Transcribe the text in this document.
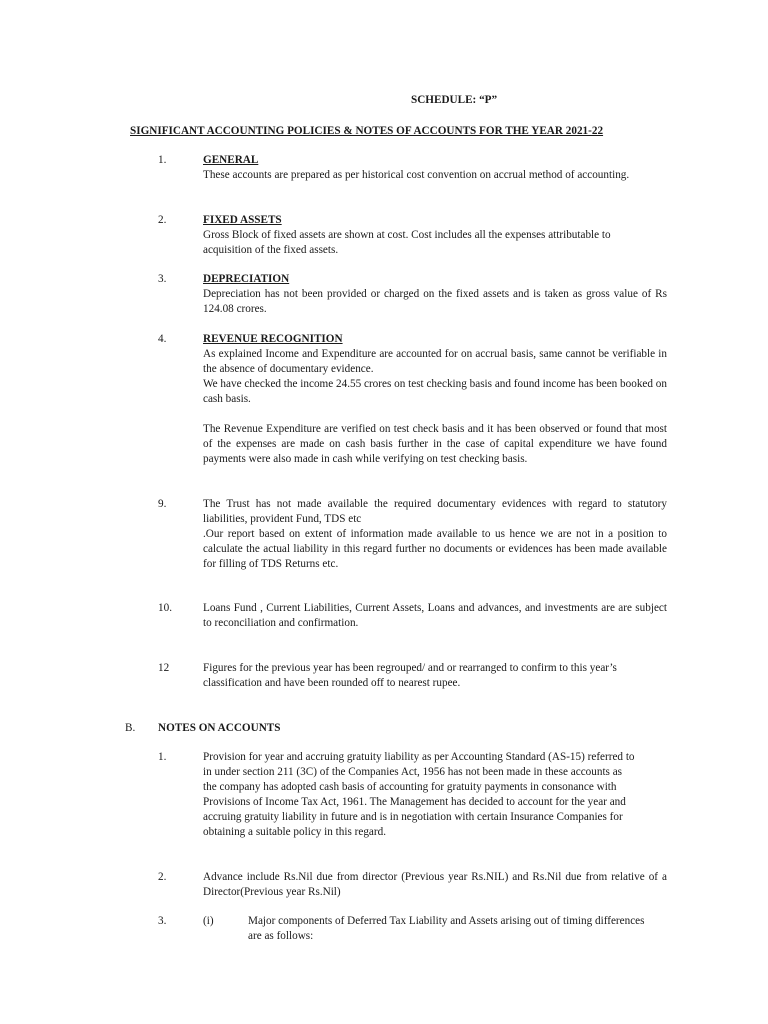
SCHEDULE: “P”
SIGNIFICANT ACCOUNTING POLICIES & NOTES OF ACCOUNTS FOR THE YEAR 2021-22
1.	GENERAL
These accounts are prepared as per historical cost convention on accrual method of accounting.
2.	FIXED ASSETS
Gross Block of fixed assets are shown at cost. Cost includes all the expenses attributable to acquisition of the fixed assets.
3.	DEPRECIATION
Depreciation has not been provided or charged on the fixed assets and is taken as gross value of Rs 124.08 crores.
4.	REVENUE RECOGNITION
As explained Income and Expenditure are accounted for on accrual basis, same cannot be verifiable in the absence of documentary evidence.
We have checked the income 24.55 crores on test checking basis and found income has been booked on cash basis.
The Revenue Expenditure are verified on test check basis and it has been observed or found that most of the expenses are made on cash basis further in the case of capital expenditure we have found payments were also made in cash while verifying on test checking basis.
9.	The Trust has not made available the required documentary evidences with regard to statutory liabilities, provident Fund, TDS etc
.Our report based on extent of information made available to us hence we are not in a position to calculate the actual liability in this regard further no documents or evidences has been made available for filling of TDS Returns etc.
10.	Loans Fund , Current Liabilities, Current Assets, Loans and advances, and investments are are subject to reconciliation and confirmation.
12	Figures for the previous year has been regrouped/ and or rearranged to confirm to this year’s classification and have been rounded off to nearest rupee.
B. NOTES ON ACCOUNTS
1.	Provision for year and accruing gratuity liability as per Accounting Standard (AS-15) referred to in under section 211 (3C) of the Companies Act, 1956 has not been made in these accounts as the company has adopted cash basis of accounting for gratuity payments in consonance with Provisions of Income Tax Act, 1961. The Management has decided to account for the year and accruing gratuity liability in future and is in negotiation with certain Insurance Companies for obtaining a suitable policy in this regard.
2.	Advance include Rs.Nil due from director (Previous year Rs.NIL) and Rs.Nil due from relative of a Director(Previous year Rs.Nil)
3.	(i)	Major components of Deferred Tax Liability and Assets arising out of timing differences are as follows:
